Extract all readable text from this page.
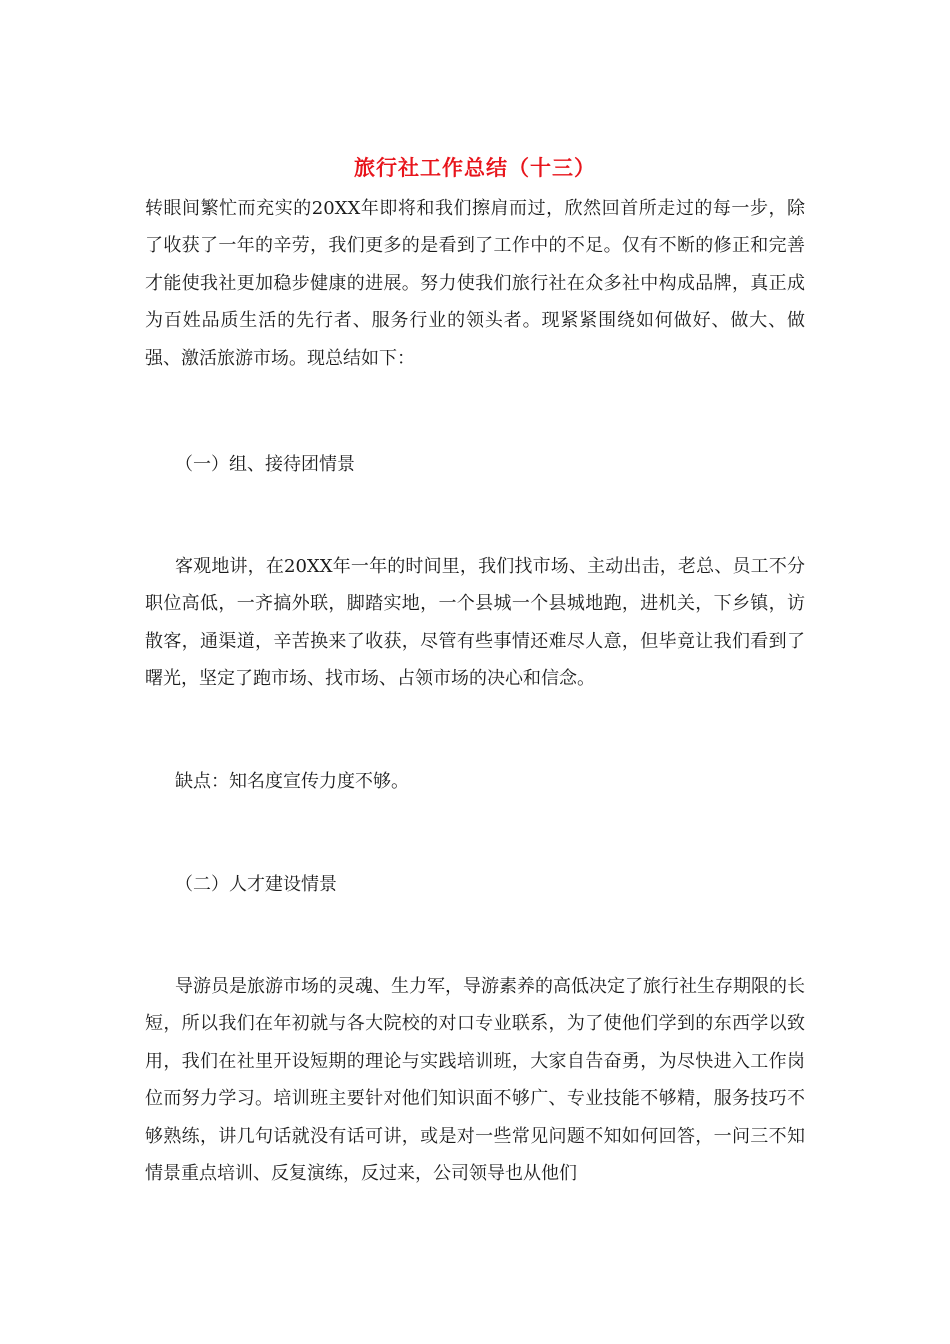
旅行社工作总结（十三）

转眼间繁忙而充实的20XX年即将和我们擦肩而过，欣然回首所走过的每一步，除了收获了一年的辛劳，我们更多的是看到了工作中的不足。仅有不断的修正和完善才能使我社更加稳步健康的进展。努力使我们旅行社在众多社中构成品牌，真正成为百姓品质生活的先行者、服务行业的领头者。现紧紧围绕如何做好、做大、做强、激活旅游市场。现总结如下：

（一）组、接待团情景

客观地讲，在20XX年一年的时间里，我们找市场、主动出击，老总、员工不分职位高低，一齐搞外联，脚踏实地，一个县城一个县城地跑，进机关，下乡镇，访散客，通渠道，辛苦换来了收获，尽管有些事情还难尽人意，但毕竟让我们看到了曙光，坚定了跑市场、找市场、占领市场的决心和信念。

缺点：知名度宣传力度不够。

（二）人才建设情景

导游员是旅游市场的灵魂、生力军，导游素养的高低决定了旅行社生存期限的长短，所以我们在年初就与各大院校的对口专业联系，为了使他们学到的东西学以致用，我们在社里开设短期的理论与实践培训班，大家自告奋勇，为尽快进入工作岗位而努力学习。培训班主要针对他们知识面不够广、专业技能不够精，服务技巧不够熟练，讲几句话就没有话可讲，或是对一些常见问题不知如何回答，一问三不知情景重点培训、反复演练，反过来，公司领导也从他们
